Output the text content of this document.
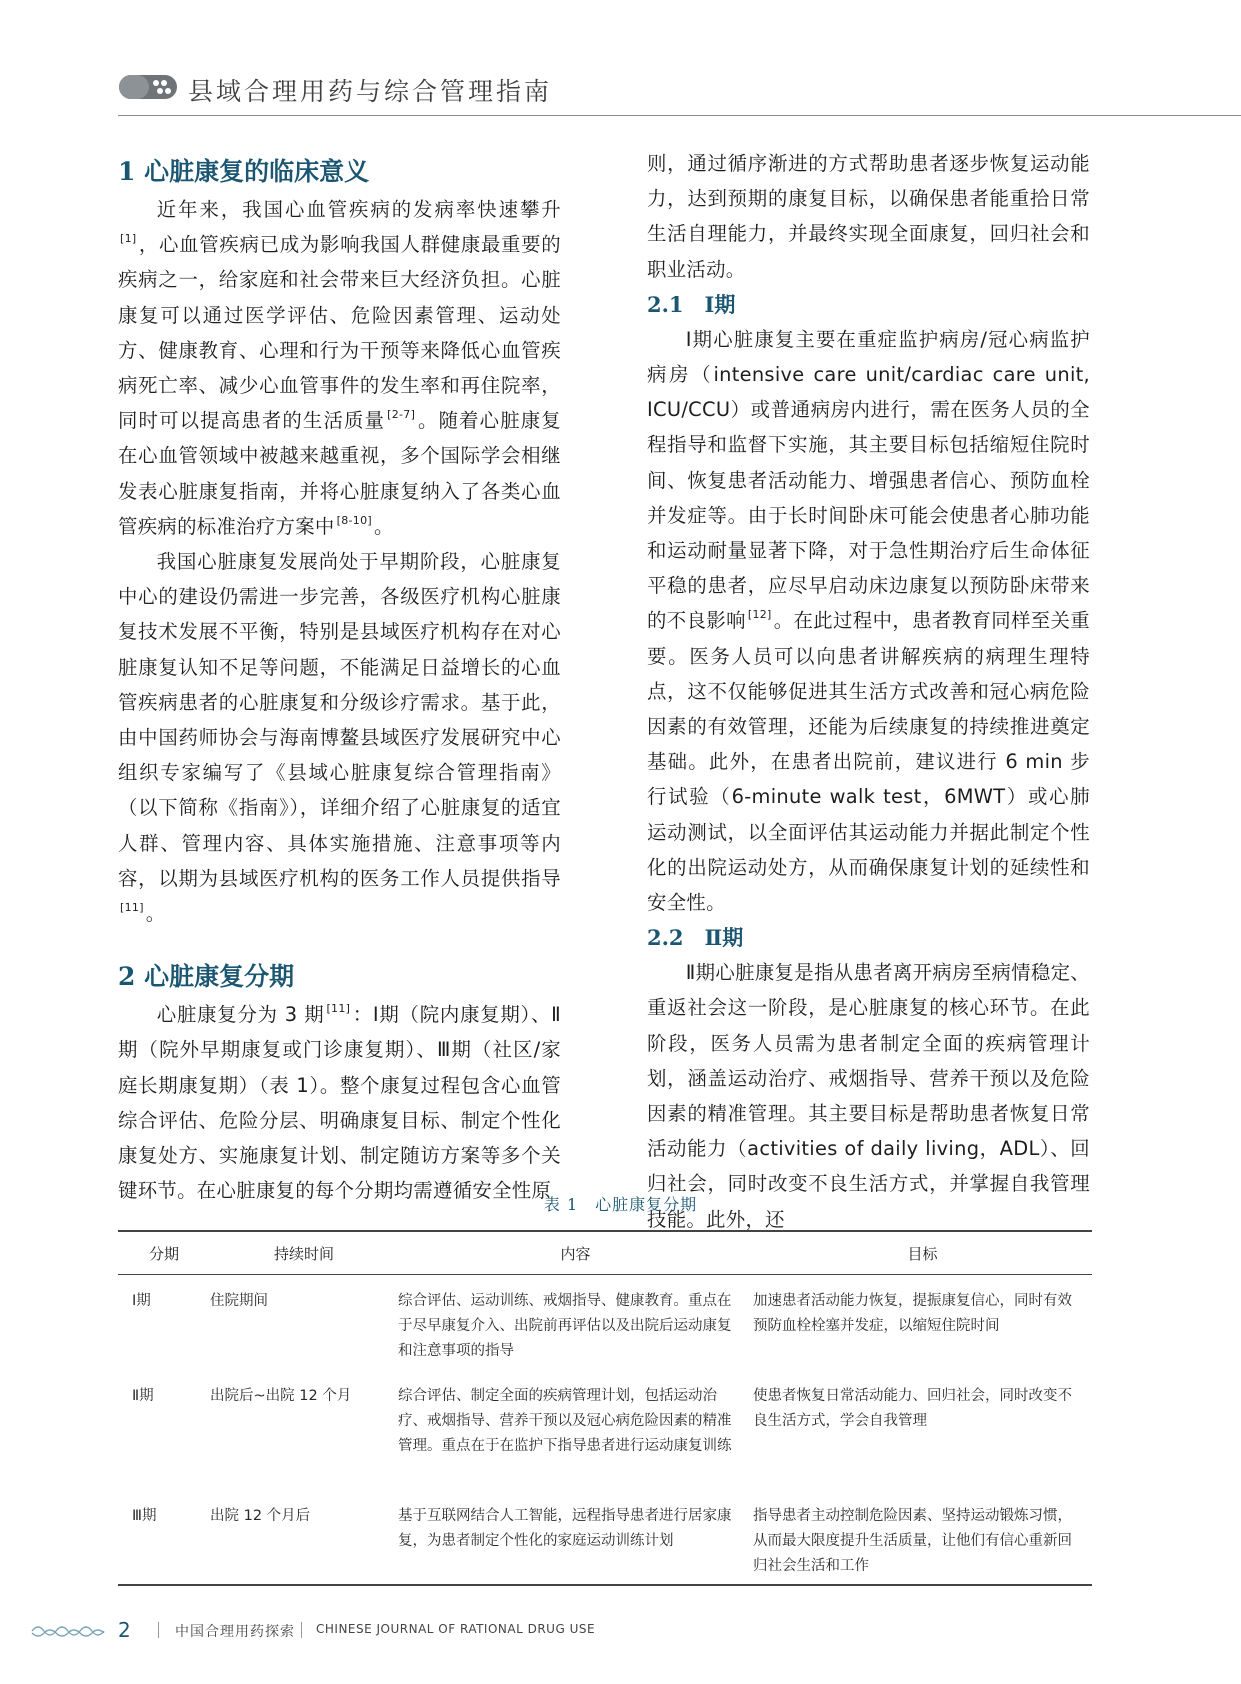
县域合理用药与综合管理指南
1 心脏康复的临床意义

近年来，我国心血管疾病的发病率快速攀升[1] ，心血管疾病已成为影响我国人群健康最重要的疾病之一，给家庭和社会带来巨大经济负担。心脏康复可以通过医学评估、危险因素管理、运动处方、健康教育、心理和行为干预等来降低心血管疾病死亡率、减少心血管事件的发生率和再住院率，同时可以提高患者的生活质量 [2-7] 。随着心脏康复在心血管领域中被越来越重视，多个国际学会相继发表心脏康复指南，并将心脏康复纳入了各类心血管疾病的标准治疗方案中 [8-10] 。

我国心脏康复发展尚处于早期阶段，心脏康复中心的建设仍需进一步完善，各级医疗机构心脏康复技术发展不平衡，特别是县域医疗机构存在对心脏康复认知不足等问题，不能满足日益增长的心血管疾病患者的心脏康复和分级诊疗需求。基于此，由中国药师协会与海南博鳌县域医疗发展研究中心组织专家编写了《县域心脏康复综合管理指南》（以下简称《指南》），详细介绍了心脏康复的适宜人群、管理内容、具体实施措施、注意事项等内容，以期为县域医疗机构的医务工作人员提供指导[11] 。

2 心脏康复分期

心脏康复分为 3 期 [11] ：Ⅰ期（院内康复期）、Ⅱ期（院外早期康复或门诊康复期）、Ⅲ期（社区/家庭长期康复期）（表 1）。整个康复过程包含心血管综合评估、危险分层、明确康复目标、制定个性化康复处方、实施康复计划、制定随访方案等多个关键环节。在心脏康复的每个分期均需遵循安全性原

则，通过循序渐进的方式帮助患者逐步恢复运动能力，达到预期的康复目标，以确保患者能重拾日常生活自理能力，并最终实现全面康复，回归社会和职业活动。

2.1　Ⅰ期

Ⅰ期心脏康复主要在重症监护病房/冠心病监护病房（intensive care unit/cardiac care unit, ICU/CCU）或普通病房内进行，需在医务人员的全程指导和监督下实施，其主要目标包括缩短住院时间、恢复患者活动能力、增强患者信心、预防血栓并发症等。由于长时间卧床可能会使患者心肺功能和运动耐量显著下降，对于急性期治疗后生命体征平稳的患者，应尽早启动床边康复以预防卧床带来的不良影响 [12] 。在此过程中，患者教育同样至关重要。医务人员可以向患者讲解疾病的病理生理特点，这不仅能够促进其生活方式改善和冠心病危险因素的有效管理，还能为后续康复的持续推进奠定基础。此外，在患者出院前，建议进行 6 min 步行试验（6-minute walk test，6MWT）或心肺运动测试，以全面评估其运动能力并据此制定个性化的出院运动处方，从而确保康复计划的延续性和安全性。

2.2　Ⅱ期

Ⅱ期心脏康复是指从患者离开病房至病情稳定、重返社会这一阶段，是心脏康复的核心环节。在此阶段，医务人员需为患者制定全面的疾病管理计划，涵盖运动治疗、戒烟指导、营养干预以及危险因素的精准管理。其主要目标是帮助患者恢复日常活动能力（activities of daily living，ADL）、回归社会，同时改变不良生活方式，并掌握自我管理技能。此外，还

表 1　心脏康复分期
分期	持续时间	内容	目标
Ⅰ期	住院期间	综合评估、运动训练、戒烟指导、健康教育。重点在于尽早康复介入、出院前再评估以及出院后运动康复和注意事项的指导	加速患者活动能力恢复，提振康复信心，同时有效预防血栓栓塞并发症，以缩短住院时间
Ⅱ期	出院后~出院 12 个月	综合评估、制定全面的疾病管理计划，包括运动治疗、戒烟指导、营养干预以及冠心病危险因素的精准管理。重点在于在监护下指导患者进行运动康复训练	使患者恢复日常活动能力、回归社会，同时改变不良生活方式，学会自我管理
Ⅲ期	出院 12 个月后	基于互联网结合人工智能，远程指导患者进行居家康复，为患者制定个性化的家庭运动训练计划	指导患者主动控制危险因素、坚持运动锻炼习惯，从而最大限度提升生活质量，让他们有信心重新回归社会生活和工作
2	中国合理用药探索 CHINESE JOURNAL OF RATIONAL DRUG USE
